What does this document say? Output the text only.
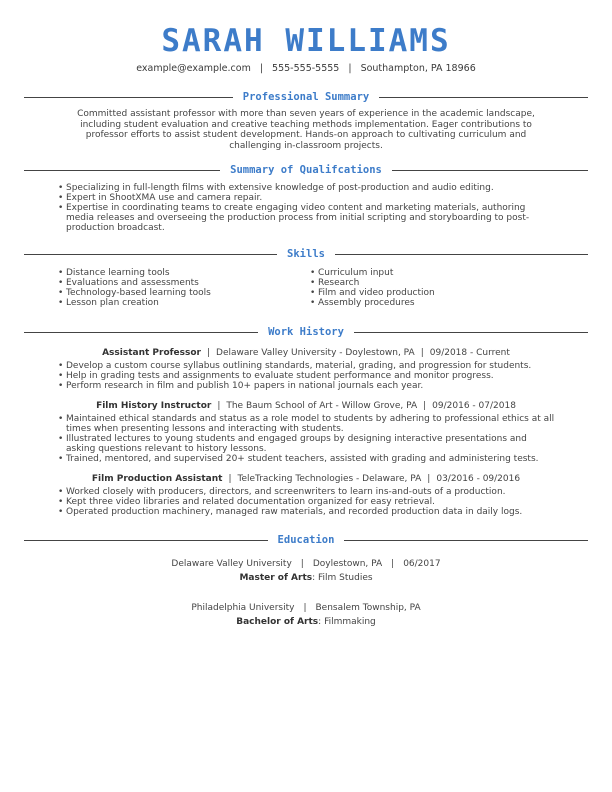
SARAH WILLIAMS
example@example.com | 555-555-5555 | Southampton, PA 18966
Professional Summary

Committed assistant professor with more than seven years of experience in the academic landscape, including student evaluation and creative teaching methods implementation. Eager contributions to professor efforts to assist student development. Hands-on approach to cultivating curriculum and challenging in-classroom projects.

Summary of Qualifcations
• Specializing in full-length films with extensive knowledge of post-production and audio editing.
• Expert in ShootXMA use and camera repair.
• Expertise in coordinating teams to create engaging video content and marketing materials, authoring media releases and overseeing the production process from initial scripting and storyboarding to post-production broadcast.
Skills
• Distance learning tools
• Evaluations and assessments
• Technology-based learning tools
• Lesson plan creation
• Curriculum input
• Research
• Film and video production
• Assembly procedures
Work History
Assistant Professor | Delaware Valley University - Doylestown, PA | 09/2018 - Current
• Develop a custom course syllabus outlining standards, material, grading, and progression for students.
• Help in grading tests and assignments to evaluate student performance and monitor progress.
• Perform research in film and publish 10+ papers in national journals each year.
Film History Instructor | The Baum School of Art - Willow Grove, PA | 09/2016 - 07/2018
• Maintained ethical standards and status as a role model to students by adhering to professional ethics at all times when presenting lessons and interacting with students.
• Illustrated lectures to young students and engaged groups by designing interactive presentations and asking questions relevant to history lessons.
• Trained, mentored, and supervised 20+ student teachers, assisted with grading and administering tests.
Film Production Assistant | TeleTracking Technologies - Delaware, PA | 03/2016 - 09/2016
• Worked closely with producers, directors, and screenwriters to learn ins-and-outs of a production.
• Kept three video libraries and related documentation organized for easy retrieval.
• Operated production machinery, managed raw materials, and recorded production data in daily logs.
Education
Delaware Valley University | Doylestown, PA | 06/2017
Master of Arts: Film Studies
Philadelphia University | Bensalem Township, PA
Bachelor of Arts: Filmmaking
